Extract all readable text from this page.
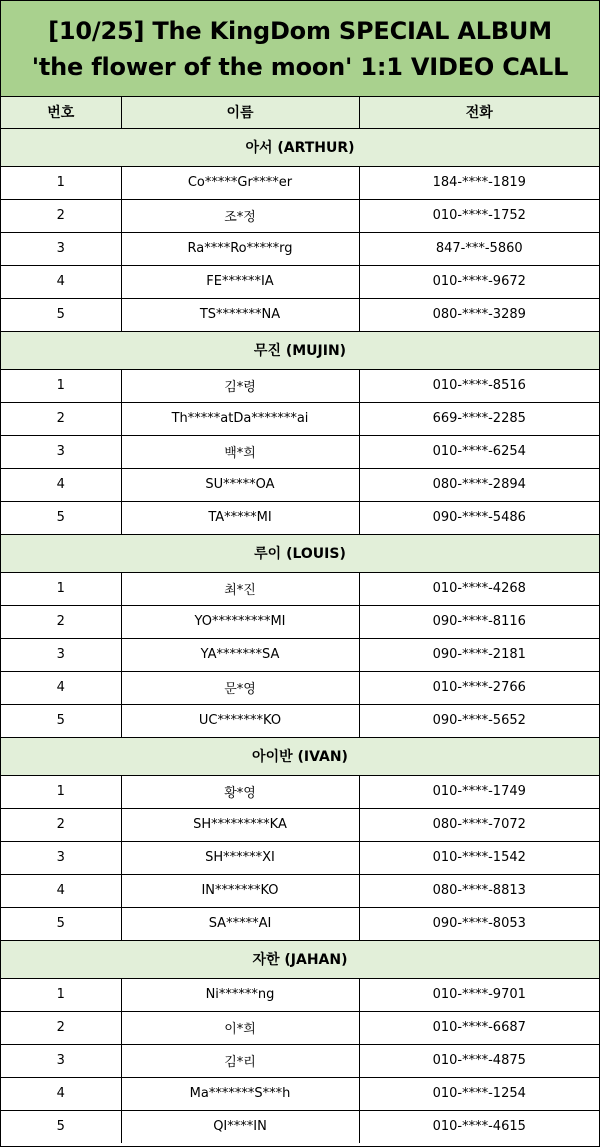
[10/25] The KingDom SPECIAL ALBUM
'the flower of the moon' 1:1 VIDEO CALL
번호	이름	전화
아서 (ARTHUR)		
1	Co*****Gr****er	184-****-1819
2	조*정	010-****-1752
3	Ra****Ro*****rg	847-***-5860
4	FE******IA	010-****-9672
5	TS*******NA	080-****-3289
무진 (MUJIN)		
1	김*령	010-****-8516
2	Th*****atDa*******ai	669-****-2285
3	백*희	010-****-6254
4	SU*****OA	080-****-2894
5	TA*****MI	090-****-5486
루이 (LOUIS)		
1	최*진	010-****-4268
2	YO*********MI	090-****-8116
3	YA*******SA	090-****-2181
4	문*영	010-****-2766
5	UC*******KO	090-****-5652
아이반 (IVAN)		
1	황*영	010-****-1749
2	SH*********KA	080-****-7072
3	SH******XI	010-****-1542
4	IN*******KO	080-****-8813
5	SA*****AI	090-****-8053
자한 (JAHAN)		
1	Ni******ng	010-****-9701
2	이*희	010-****-6687
3	김*리	010-****-4875
4	Ma*******S***h	010-****-1254
5	QI****IN	010-****-4615
